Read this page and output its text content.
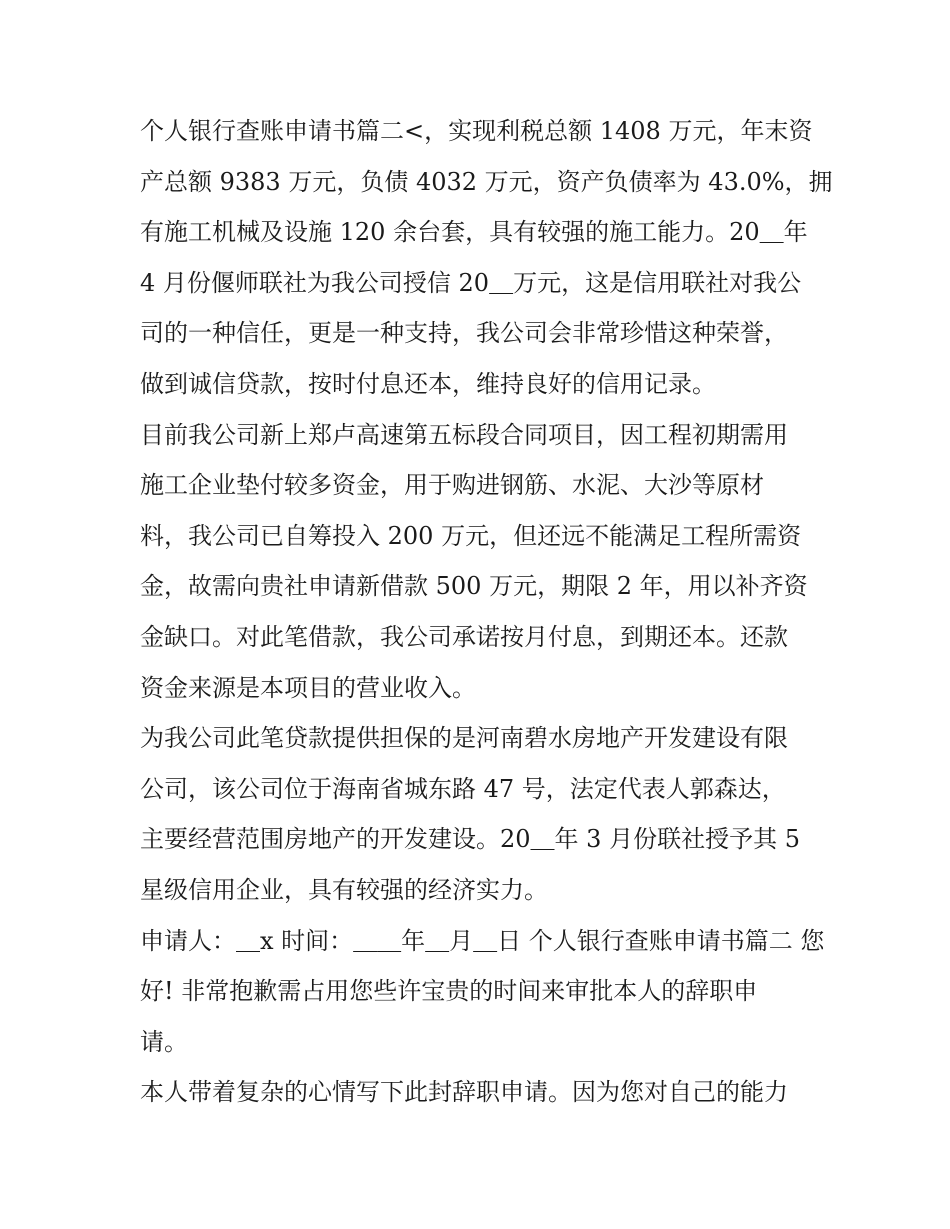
个人银行查账申请书篇二<，实现利税总额 1408 万元，年末资
产总额 9383 万元，负债 4032 万元，资产负债率为 43.0%，拥
有施工机械及设施 120 余台套，具有较强的施工能力。20＿年
4 月份偃师联社为我公司授信 20＿万元，这是信用联社对我公
司的一种信任，更是一种支持，我公司会非常珍惜这种荣誉，
做到诚信贷款，按时付息还本，维持良好的信用记录。
目前我公司新上郑卢高速第五标段合同项目，因工程初期需用
施工企业垫付较多资金，用于购进钢筋、水泥、大沙等原材
料，我公司已自筹投入 200 万元，但还远不能满足工程所需资
金，故需向贵社申请新借款 500 万元，期限 2 年，用以补齐资
金缺口。对此笔借款，我公司承诺按月付息，到期还本。还款
资金来源是本项目的营业收入。
为我公司此笔贷款提供担保的是河南碧水房地产开发建设有限
公司，该公司位于海南省城东路 47 号，法定代表人郭森达，
主要经营范围房地产的开发建设。20＿年 3 月份联社授予其 5
星级信用企业，具有较强的经济实力。
申请人：＿x 时间：＿＿年＿月＿日 个人银行查账申请书篇二 您
好! 非常抱歉需占用您些许宝贵的时间来审批本人的辞职申
请。
本人带着复杂的心情写下此封辞职申请。因为您对自己的能力
